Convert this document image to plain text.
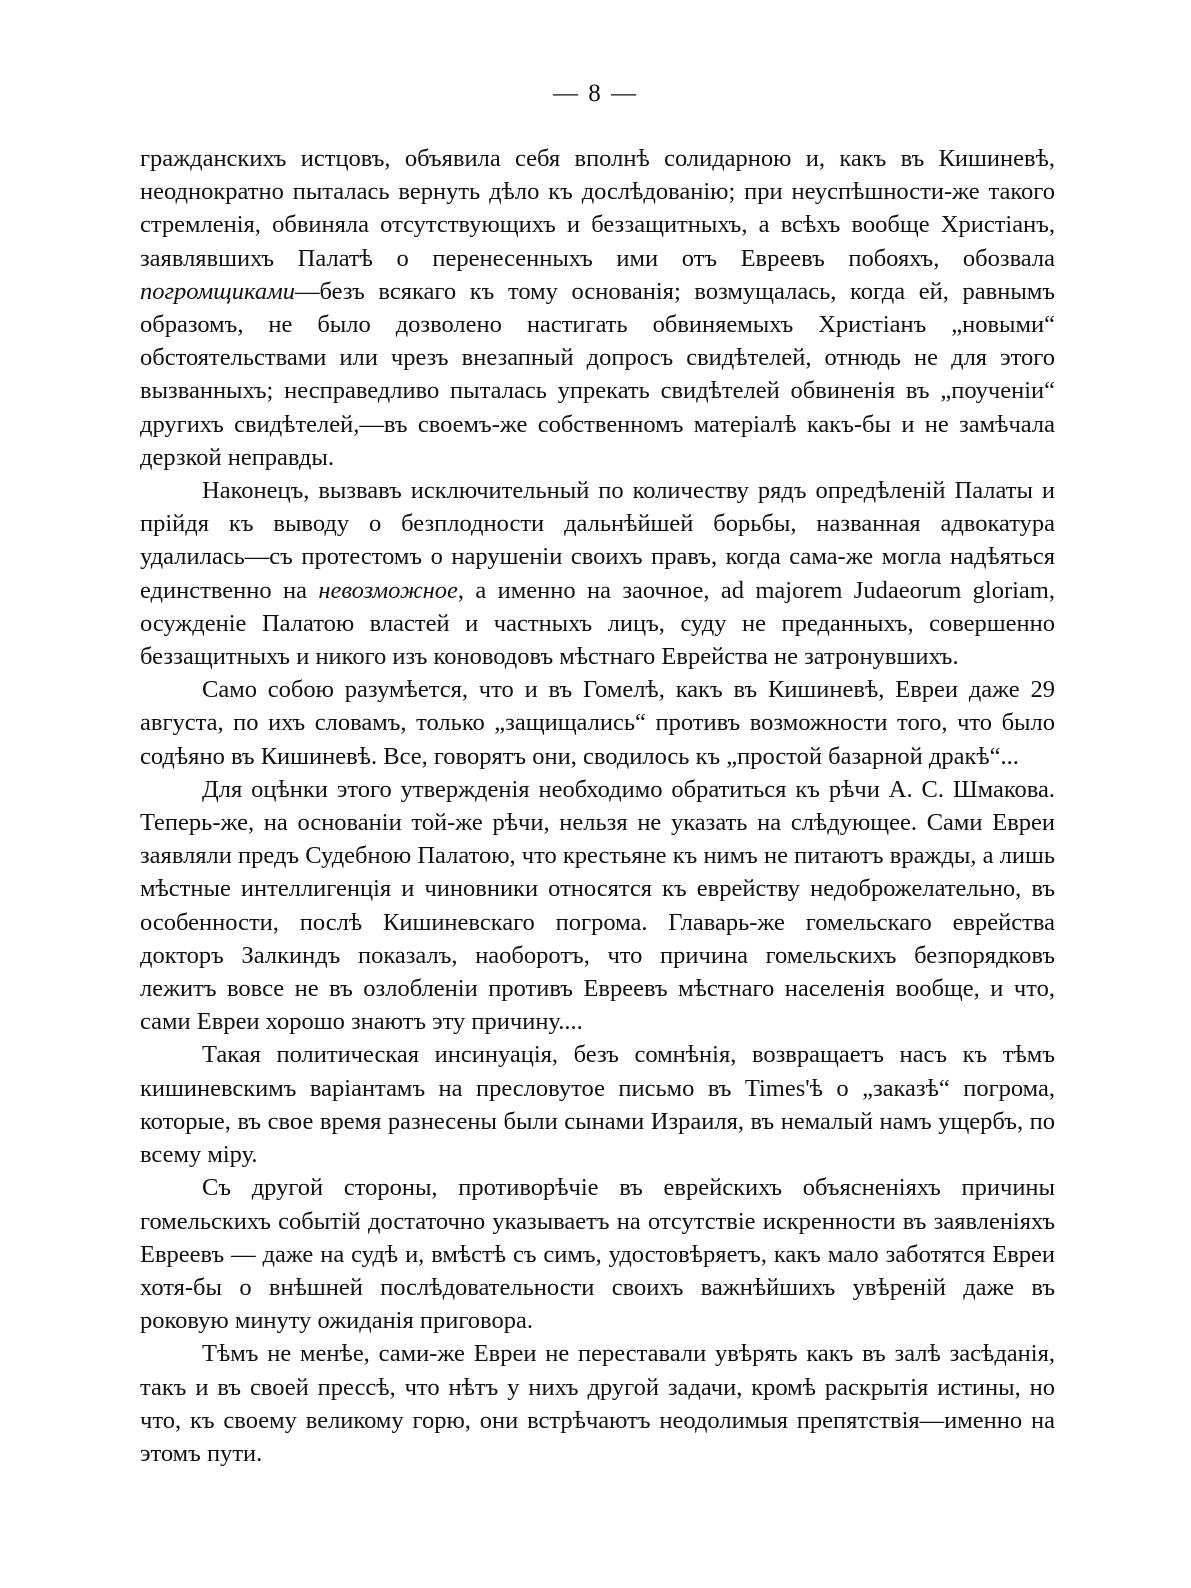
— 8 —

гражданскихъ истцовъ, объявила себя вполнѣ солидарною и, какъ въ Кишиневѣ, неоднократно пыталась вернуть дѣло къ дослѣдованію; при неуспѣшности-же такого стремленія, обвиняла отсутствующихъ и беззащитныхъ, а всѣхъ вообще Христіанъ, заявлявшихъ Палатѣ о перенесенныхъ ими отъ Евреевъ побояхъ, обозвала погромщиками—безъ всякаго къ тому основанія; возмущалась, когда ей, равнымъ образомъ, не было дозволено настигать обвиняемыхъ Христіанъ „новыми“ обстоятельствами или чрезъ внезапный допросъ свидѣтелей, отнюдь не для этого вызванныхъ; несправедливо пыталась упрекать свидѣтелей обвиненія въ „поученіи“ другихъ свидѣтелей,—въ своемъ-же собственномъ матеріалѣ какъ-бы и не замѣчала дерзкой неправды.

Наконецъ, вызвавъ исключительный по количеству рядъ опредѣленій Палаты и прійдя къ выводу о безплодности дальнѣйшей борьбы, названная адвокатура удалилась—съ протестомъ о нарушеніи своихъ правъ, когда сама-же могла надѣяться единственно на невозможное, а именно на заочное, ad majorem Judaeorum gloriam, осужденіе Палатою властей и частныхъ лицъ, суду не преданныхъ, совершенно беззащитныхъ и никого изъ коноводовъ мѣстнаго Еврейства не затронувшихъ.

Само собою разумѣется, что и въ Гомелѣ, какъ въ Кишиневѣ, Евреи даже 29 августа, по ихъ словамъ, только „защищались“ противъ возможности того, что было содѣяно въ Кишиневѣ. Все, говорятъ они, сводилось къ „простой базарной дракѣ“...

Для оцѣнки этого утвержденія необходимо обратиться къ рѣчи А. С. Шмакова. Теперь-же, на основаніи той-же рѣчи, нельзя не указать на слѣдующее. Сами Евреи заявляли предъ Судебною Палатою, что крестьяне къ нимъ не питаютъ вражды, а лишь мѣстные интеллигенція и чиновники относятся къ еврейству недоброжелательно, въ особенности, послѣ Кишиневскаго погрома. Главарь-же гомельскаго еврейства докторъ Залкиндъ показалъ, наоборотъ, что причина гомельскихъ безпорядковъ лежитъ вовсе не въ озлобленіи противъ Евреевъ мѣстнаго населенія вообще, и что, сами Евреи хорошо знаютъ эту причину....

Такая политическая инсинуація, безъ сомнѣнія, возвращаетъ насъ къ тѣмъ кишиневскимъ варіантамъ на пресловутое письмо въ Times'ѣ о „заказѣ“ погрома, которые, въ свое время разнесены были сынами Израиля, въ немалый намъ ущербъ, по всему міру.

Съ другой стороны, противорѣчіе въ еврейскихъ объясненіяхъ причины гомельскихъ событій достаточно указываетъ на отсутствіе искренности въ заявленіяхъ Евреевъ — даже на судѣ и, вмѣстѣ съ симъ, удостовѣряетъ, какъ мало заботятся Евреи хотя-бы о внѣшней послѣдовательности своихъ важнѣйшихъ увѣреній даже въ роковую минуту ожиданія приговора.

Тѣмъ не менѣе, сами-же Евреи не переставали увѣрять какъ въ залѣ засѣданія, такъ и въ своей прессѣ, что нѣтъ у нихъ другой задачи, кромѣ раскрытія истины, но что, къ своему великому горю, они встрѣчаютъ неодолимыя препятствія—именно на этомъ пути.
